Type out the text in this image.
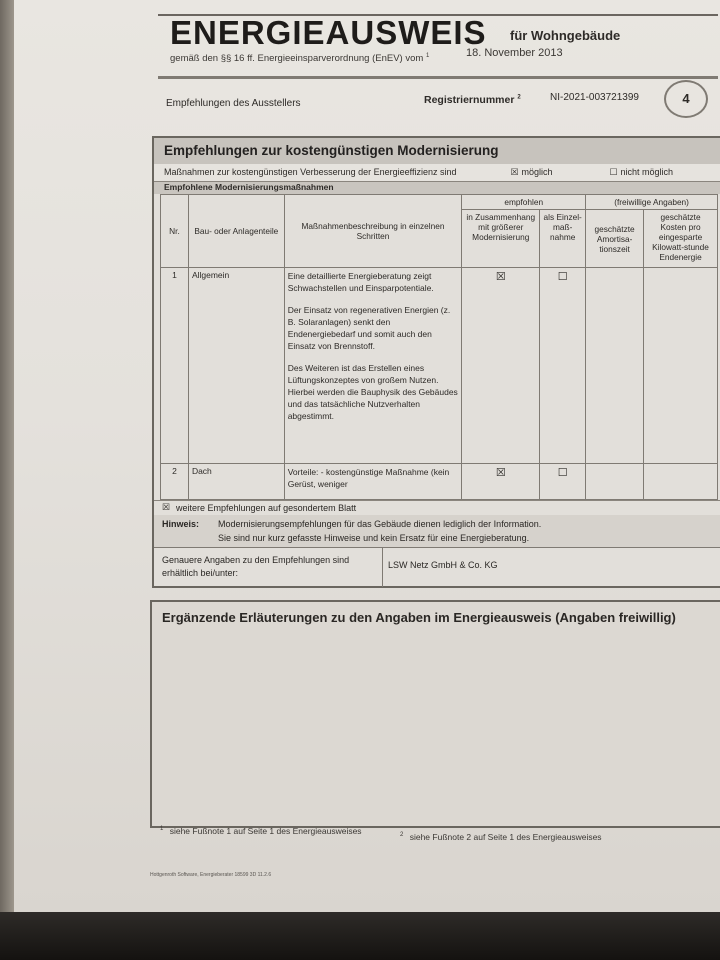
ENERGIEAUSWEIS für Wohngebäude
gemäß den §§ 16 ff. Energieeinsparverordnung (EnEV) vom $^1$	18. November 2013
4
Empfehlungen des Ausstellers	Registriernummer $^2$	NI-2021-003721399
Empfehlungen zur kostengünstigen Modernisierung
Maßnahmen zur kostengünstigen Verbesserung der Energieeffizienz sind	☒ möglich	☐ nicht möglich
Empfohlene Modernisierungsmaßnahmen
Nr.	Bau- oder Anlagenteile	Maßnahmenbeschreibung in einzelnen Schritten	empfohlen		(freiwillige Angaben)	
			in Zusammenhang mit größerer Modernisierung	als Einzel-maß-nahme	geschätzte Amortisa-tionszeit	geschätzte Kosten pro eingesparte Kilowatt-stunde Endenergie
1	Allgemein	Eine detaillierte Energieberatung zeigt Schwachstellen und Einsparpotentiale.
Der Einsatz von regenerativen Energien (z. B. Solaranlagen) senkt den Endenergiebedarf und somit auch den Einsatz von Brennstoff.
Des Weiteren ist das Erstellen eines Lüftungskonzeptes von großem Nutzen. Hierbei werden die Bauphysik des Gebäudes und das tatsächliche Nutzverhalten abgestimmt.	☒	☐		
2	Dach	Vorteile: - kostengünstige Maßnahme (kein Gerüst, weniger	☒	☐		
☒ weitere Empfehlungen auf gesondertem Blatt
Hinweis: Modernisierungsempfehlungen für das Gebäude dienen lediglich der Information.
Sie sind nur kurz gefasste Hinweise und kein Ersatz für eine Energieberatung.
Genauere Angaben zu den Empfehlungen sind erhältlich bei/unter:
LSW Netz GmbH & Co. KG
Ergänzende Erläuterungen zu den Angaben im Energieausweis (Angaben freiwillig)
$^1$ siehe Fußnote 1 auf Seite 1 des Energieausweises	$^2$ siehe Fußnote 2 auf Seite 1 des Energieausweises
Hottgenroth Software, Energieberater 18599 3D 11.2.6
